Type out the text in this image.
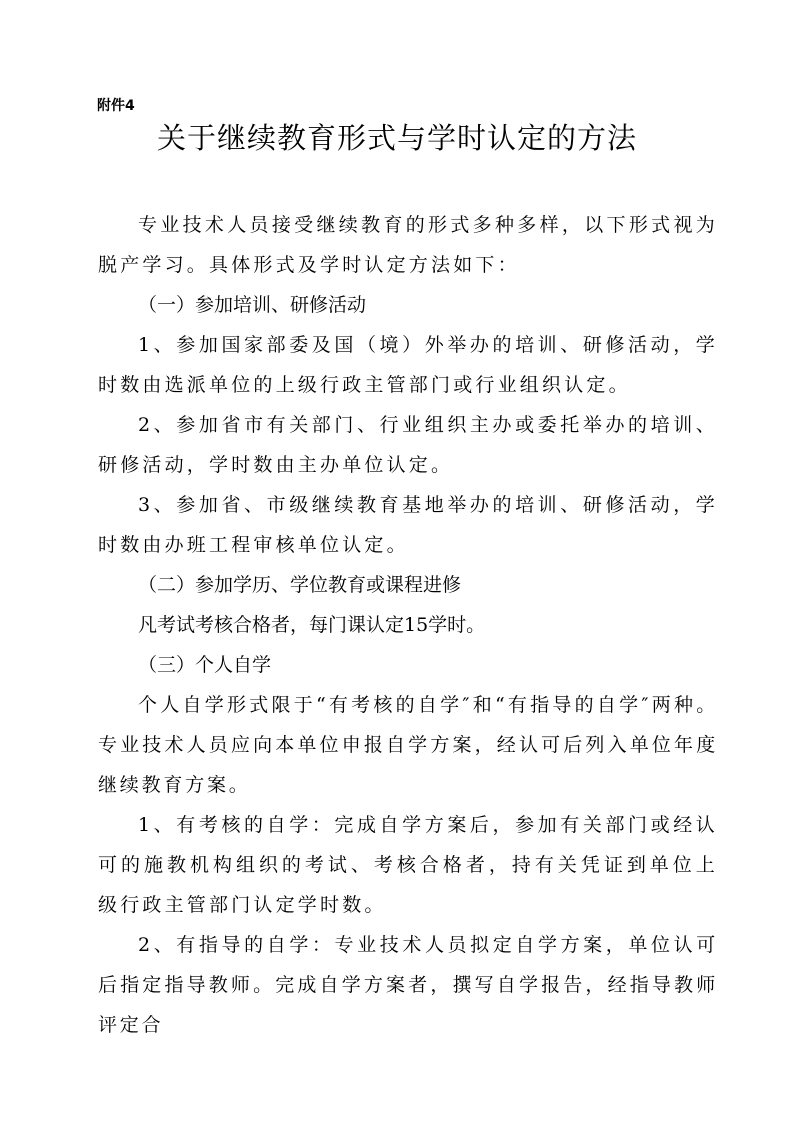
附件4
关于继续教育形式与学时认定的方法

专业技术人员接受继续教育的形式多种多样，以下形式视为脱产学习。具体形式及学时认定方法如下：

（一）参加培训、研修活动

1、参加国家部委及国（境）外举办的培训、研修活动，学时数由选派单位的上级行政主管部门或行业组织认定。

2、参加省市有关部门、行业组织主办或委托举办的培训、研修活动，学时数由主办单位认定。

3、参加省、市级继续教育基地举办的培训、研修活动，学时数由办班工程审核单位认定。

（二）参加学历、学位教育或课程进修

凡考试考核合格者，每门课认定15学时。

（三）个人自学

个人自学形式限于“有考核的自学″和“有指导的自学″两种。专业技术人员应向本单位申报自学方案，经认可后列入单位年度继续教育方案。

1、有考核的自学：完成自学方案后，参加有关部门或经认可的施教机构组织的考试、考核合格者，持有关凭证到单位上级行政主管部门认定学时数。

2、有指导的自学：专业技术人员拟定自学方案，单位认可后指定指导教师。完成自学方案者，撰写自学报告，经指导教师评定合
